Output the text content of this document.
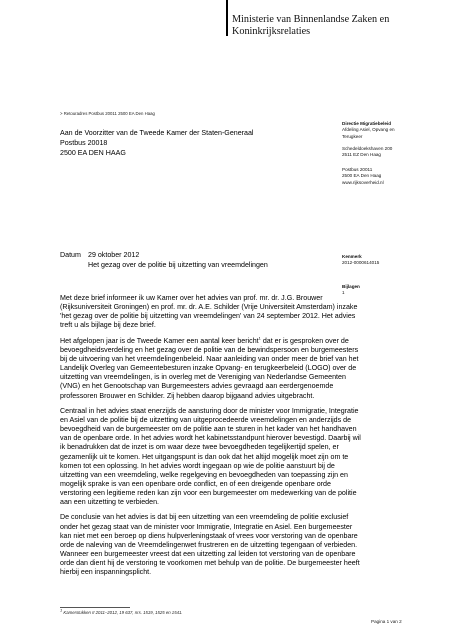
Ministerie van Binnenlandse Zaken en
Koninkrijksrelaties
> Retouradres Postbus 20011 2500 EA Den Haag
Aan de Voorzitter van de Tweede Kamer der Staten-Generaal
Postbus 20018
2500 EA DEN HAAG
Directie Migratiebeleid
Afdeling Asiel, Opvang en
Terugkeer
Schedeldoekshaven 200
2511 EZ Den Haag
Postbus 20011
2500 EA Den Haag
www.rijksoverheid.nl
Kenmerk
2012-0000614015
Bijlagen
1
Datum 29 oktober 2012
Het gezag over de politie bij uitzetting van vreemdelingen

Met deze brief informeer ik uw Kamer over het advies van prof. mr. dr. J.G. Brouwer
(Rijksuniversiteit Groningen) en prof. mr. dr. A.E. Schilder (Vrije Universiteit Amsterdam) inzake
'het gezag over de politie bij uitzetting van vreemdelingen' van 24 september 2012. Het advies
treft u als bijlage bij deze brief.

Het afgelopen jaar is de Tweede Kamer een aantal keer bericht$^1$ dat er is gesproken over de
bevoegdheidsverdeling en het gezag over de politie van de bewindspersoon en burgemeesters
bij de uitvoering van het vreemdelingenbeleid. Naar aanleiding van onder meer de brief van het
Landelijk Overleg van Gemeentebesturen inzake Opvang- en terugkeerbeleid (LOGO) over de
uitzetting van vreemdelingen, is in overleg met de Vereniging van Nederlandse Gemeenten
(VNG) en het Genootschap van Burgemeesters advies gevraagd aan eerdergenoemde
professoren Brouwer en Schilder. Zij hebben daarop bijgaand advies uitgebracht.

Centraal in het advies staat enerzijds de aansturing door de minister voor Immigratie, Integratie
en Asiel van de politie bij de uitzetting van uitgeprocedeerde vreemdelingen en anderzijds de
bevoegdheid van de burgemeester om de politie aan te sturen in het kader van het handhaven
van de openbare orde. In het advies wordt het kabinetsstandpunt hierover bevestigd. Daarbij wil
ik benadrukken dat de inzet is om waar deze twee bevoegdheden tegelijkertijd spelen, er
gezamenlijk uit te komen. Het uitgangspunt is dan ook dat het altijd mogelijk moet zijn om te
komen tot een oplossing. In het advies wordt ingegaan op wie de politie aanstuurt bij de
uitzetting van een vreemdeling, welke regelgeving en bevoegdheden van toepassing zijn en
mogelijk sprake is van een openbare orde conflict, en of een dreigende openbare orde
verstoring een legitieme reden kan zijn voor een burgemeester om medewerking van de politie
aan een uitzetting te verbieden.

De conclusie van het advies is dat bij een uitzetting van een vreemdeling de politie exclusief
onder het gezag staat van de minister voor Immigratie, Integratie en Asiel. Een burgemeester
kan niet met een beroep op diens hulpverleningstaak of vrees voor verstoring van de openbare
orde de naleving van de Vreemdelingenwet frustreren en de uitzetting tegengaan of verbieden.
Wanneer een burgemeester vreest dat een uitzetting zal leiden tot verstoring van de openbare
orde dan dient hij de verstoring te voorkomen met behulp van de politie. De burgemeester heeft
hierbij een inspanningsplicht.

$^1$ Kamerstukken II 2011–2012, 19 637, nrs. 1519, 1525 en 1541.
Pagina 1 van 2
